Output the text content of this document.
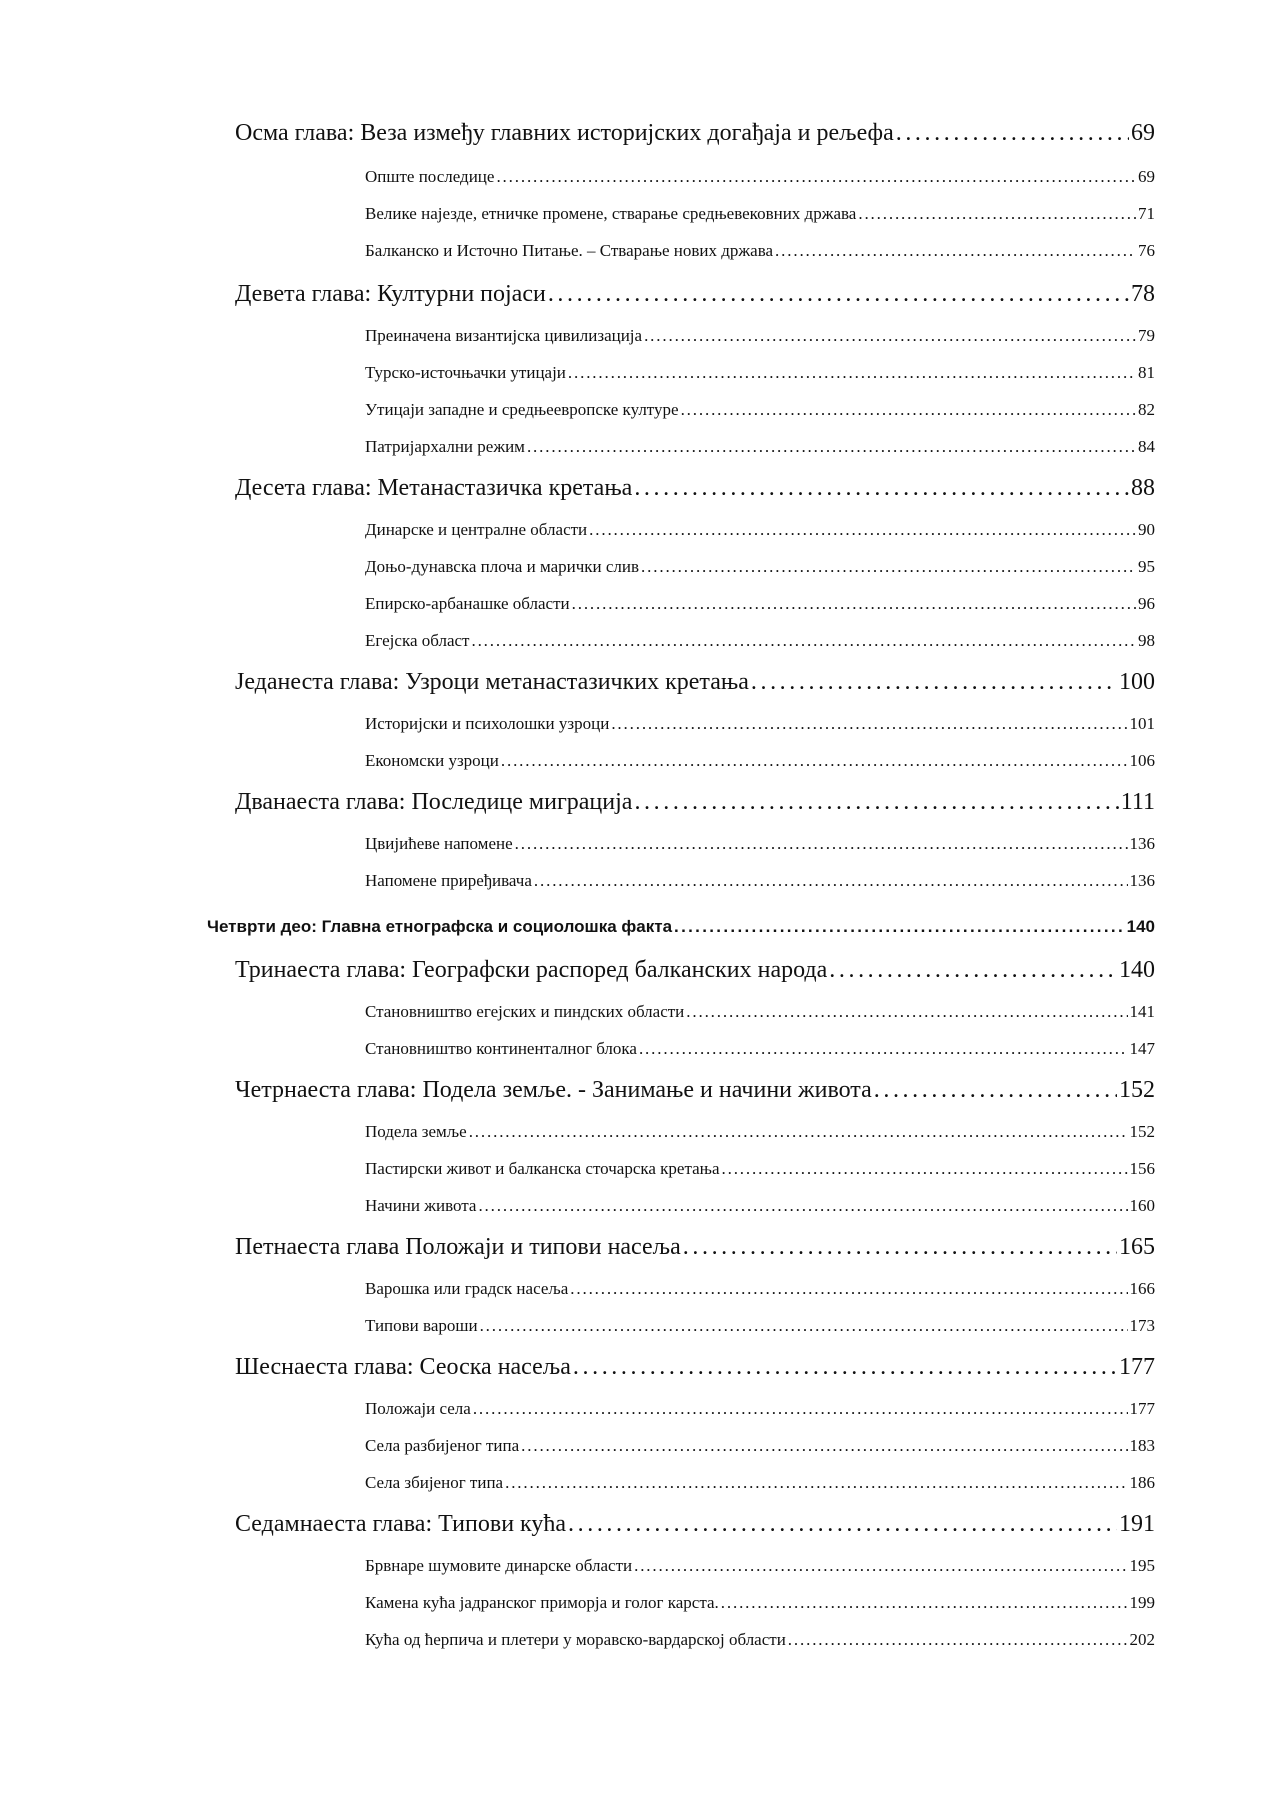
Осма глава: Веза између главних историјских догађаја и рељефа . . .	69
Опште последице . . .	69
Велике најезде, етничке промене, стварање средњевековних држава . . .	71
Балканско и Источно Питање. – Стварање нових држава . . .	76
Девета глава: Културни појаси . . .	78
Преиначена византијска цивилизација . . .	79
Турско-источњачки утицаји . . .	81
Утицаји западне и средњеевропске културе . . .	82
Патријархални режим . . .	84
Десета глава: Метанастазичка кретања . . .	88
Динарске и централне области . . .	90
Доњо-дунавска плоча и марички слив . . .	95
Епирско-арбанашке области . . .	96
Егејска област . . .	98
Једанеста глава: Узроци метанастазичких кретања . . .	100
Историјски и психолошки узроци . . .	101
Економски узроци . . .	106
Дванаеста глава: Последице миграција . . .	111
Цвијићеве напомене . . .	136
Напомене приређивача . . .	136
Четврти део: Главна етнографска и социолошка факта . . .	140
Тринаеста глава: Географски распоред балканских народа . . .	140
Становништво егејских и пиндских области . . .	141
Становништво континенталног блока . . .	147
Четрнаеста глава: Подела земље. - Занимање и начини живота . . .	152
Подела земље . . .	152
Пастирски живот и балканска сточарска кретања . . .	156
Начини живота . . .	160
Петнаеста глава Положаји и типови насеља . . .	165
Варошка или градск насеља . . .	166
Типови вароши . . .	173
Шеснаеста глава: Сеоска насеља . . .	177
Положаји села . . .	177
Села разбијеног типа . . .	183
Села збијеног типа . . .	186
Седамнаеста глава: Типови кућа . . .	191
Брвнаре шумовите динарске области . . .	195
Камена кућа јадранског приморја и голог карста. . . .	199
Кућа од ћерпича и плетери у моравско-вардарској области . . .	202
